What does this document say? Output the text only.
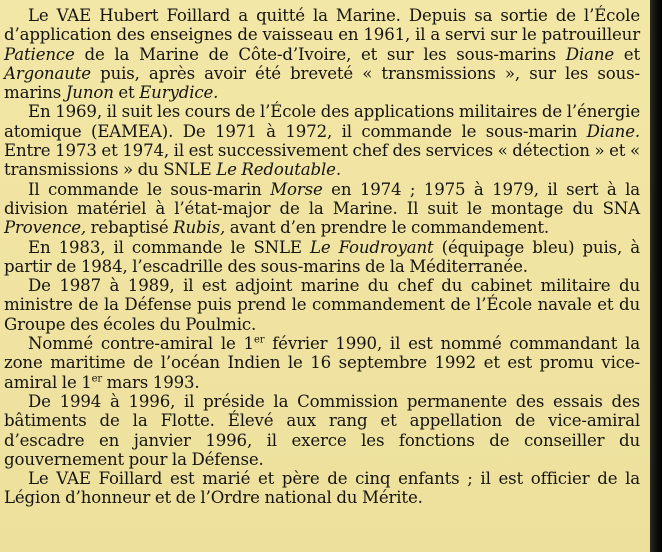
Le VAE Hubert Foillard a quitté la Marine. Depuis sa sortie de l’École d’application des enseignes de vaisseau en 1961, il a servi sur le patrouilleur Patience de la Marine de Côte-d’Ivoire, et sur les sous-marins Diane et Argonaute puis, après avoir été breveté « transmissions », sur les sous-marins Junon et Eurydice.

En 1969, il suit les cours de l’École des applications militaires de l’énergie atomique (EAMEA). De 1971 à 1972, il commande le sous-marin Diane. Entre 1973 et 1974, il est successivement chef des services « détection » et « transmissions » du SNLE Le Redoutable.

Il commande le sous-marin Morse en 1974 ; 1975 à 1979, il sert à la division matériel à l’état-major de la Marine. Il suit le montage du SNA Provence, rebaptisé Rubis, avant d’en prendre le commandement.

En 1983, il commande le SNLE Le Foudroyant (équipage bleu) puis, à partir de 1984, l’escadrille des sous-marins de la Méditerranée.

De 1987 à 1989, il est adjoint marine du chef du cabinet militaire du ministre de la Défense puis prend le commandement de l’École navale et du Groupe des écoles du Poulmic.

Nommé contre-amiral le 1er février 1990, il est nommé commandant la zone maritime de l’océan Indien le 16 septembre 1992 et est promu vice-amiral le 1er mars 1993.

De 1994 à 1996, il préside la Commission permanente des essais des bâtiments de la Flotte. Élevé aux rang et appellation de vice-amiral d’escadre en janvier 1996, il exerce les fonctions de conseiller du gouvernement pour la Défense.

Le VAE Foillard est marié et père de cinq enfants ; il est officier de la Légion d’honneur et de l’Ordre national du Mérite.
